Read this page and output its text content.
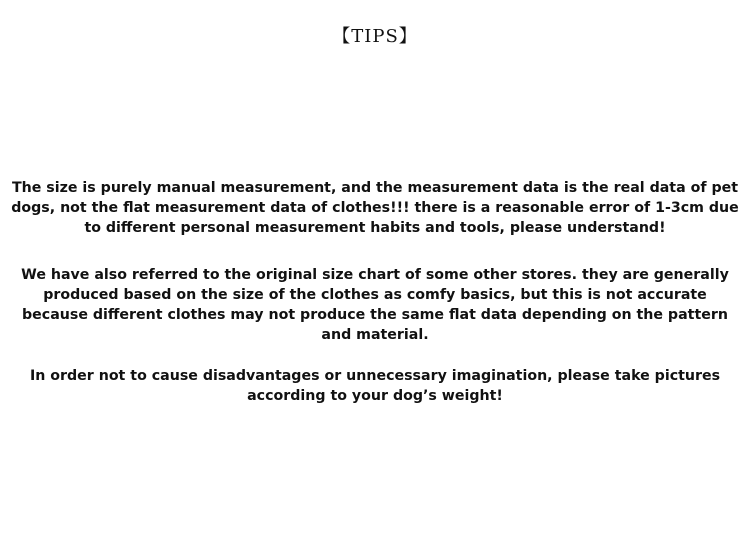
【TIPS】

The size is purely manual measurement, and the measurement data is the real data of pet dogs, not the flat measurement data of clothes!!! there is a reasonable error of 1-3cm due to different personal measurement habits and tools, please understand!

We have also referred to the original size chart of some other stores. they are generally produced based on the size of the clothes as comfy basics, but this is not accurate because different clothes may not produce the same flat data depending on the pattern and material.

In order not to cause disadvantages or unnecessary imagination, please take pictures according to your dog’s weight!
